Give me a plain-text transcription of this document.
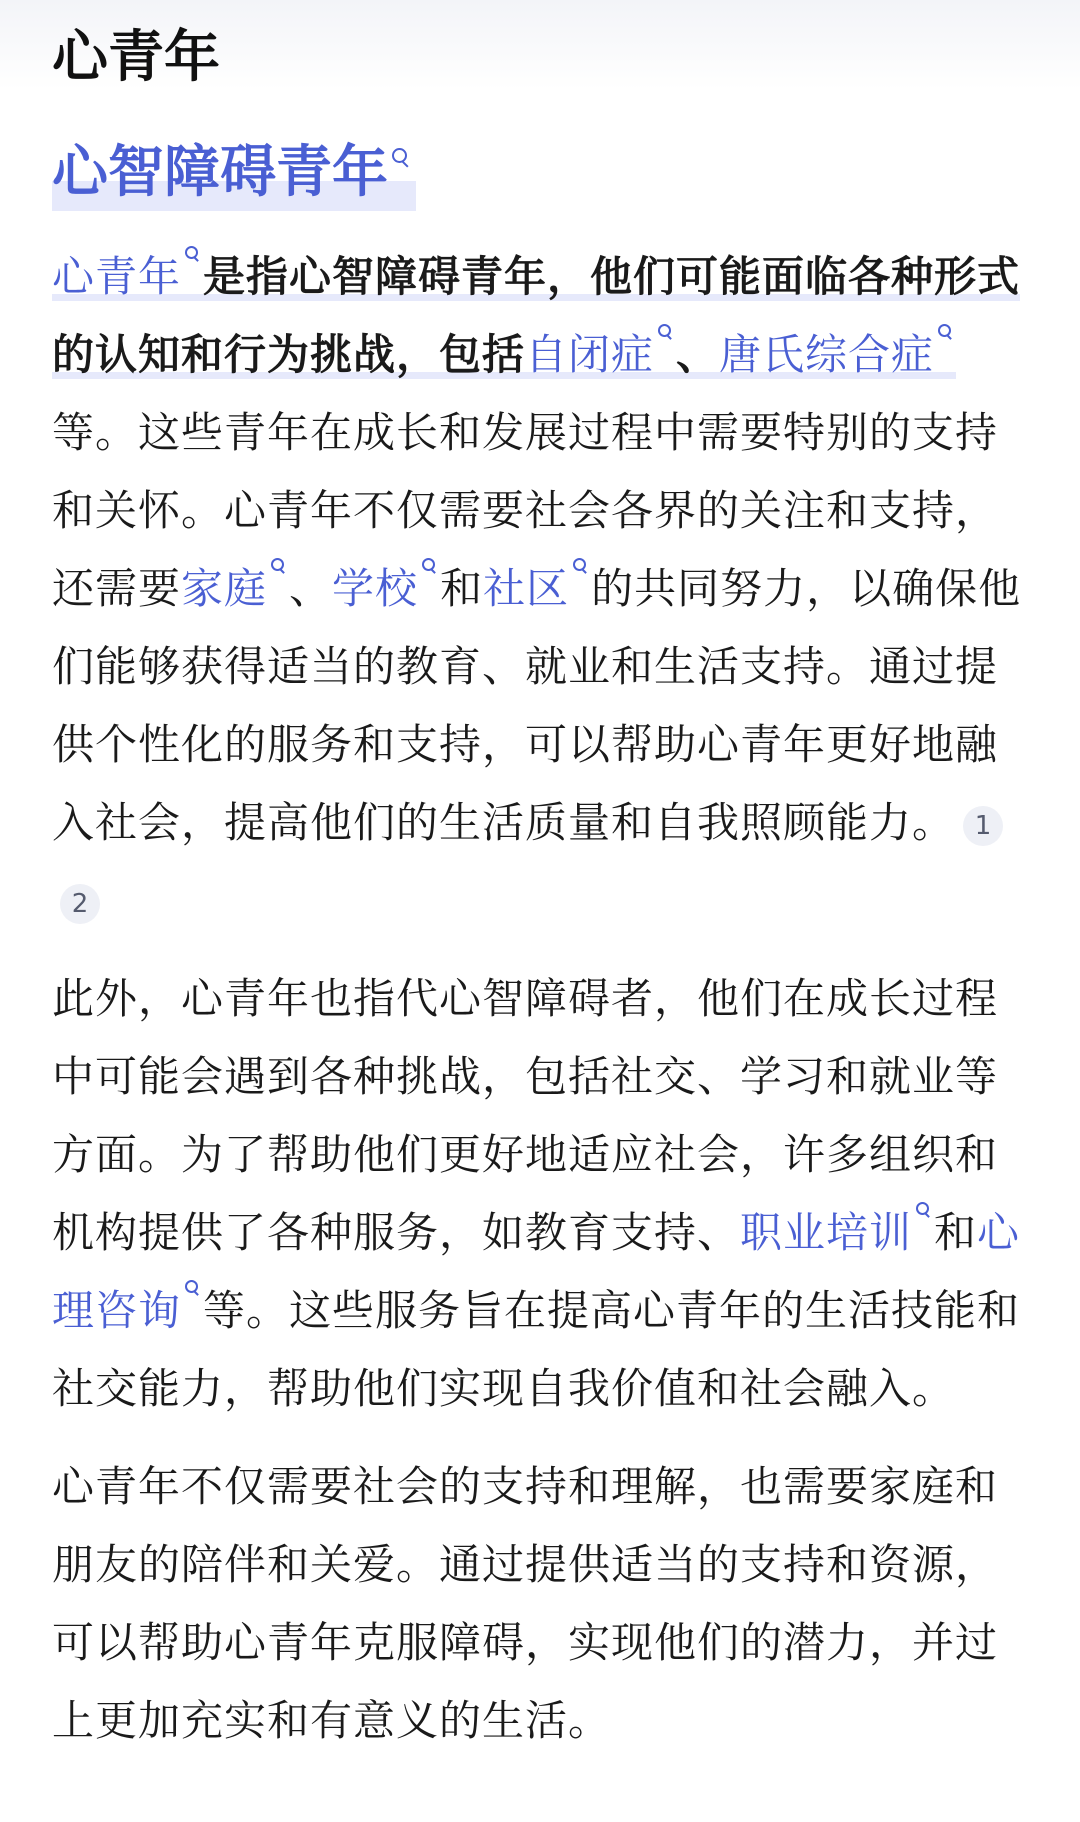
心青年
心智障碍青年

心青年 是指心智障碍青年，他们可能面临各种形式的认知和行为挑战，包括自闭症 、唐氏综合症等。这些青年在成长和发展过程中需要特别的支持和关怀。心青年不仅需要社会各界的关注和支持，还需要家庭 、学校 和社区 的共同努力，以确保他们能够获得适当的教育、就业和生活支持。通过提供个性化的服务和支持，可以帮助心青年更好地融入社会，提高他们的生活质量和自我照顾能力。 12

此外，心青年也指代心智障碍者，他们在成长过程中可能会遇到各种挑战，包括社交、学习和就业等方面。为了帮助他们更好地适应社会，许多组织和机构提供了各种服务，如教育支持、职业培训 和心理咨询 等。这些服务旨在提高心青年的生活技能和社交能力，帮助他们实现自我价值和社会融入。

心青年不仅需要社会的支持和理解，也需要家庭和朋友的陪伴和关爱。通过提供适当的支持和资源，可以帮助心青年克服障碍，实现他们的潜力，并过上更加充实和有意义的生活。
